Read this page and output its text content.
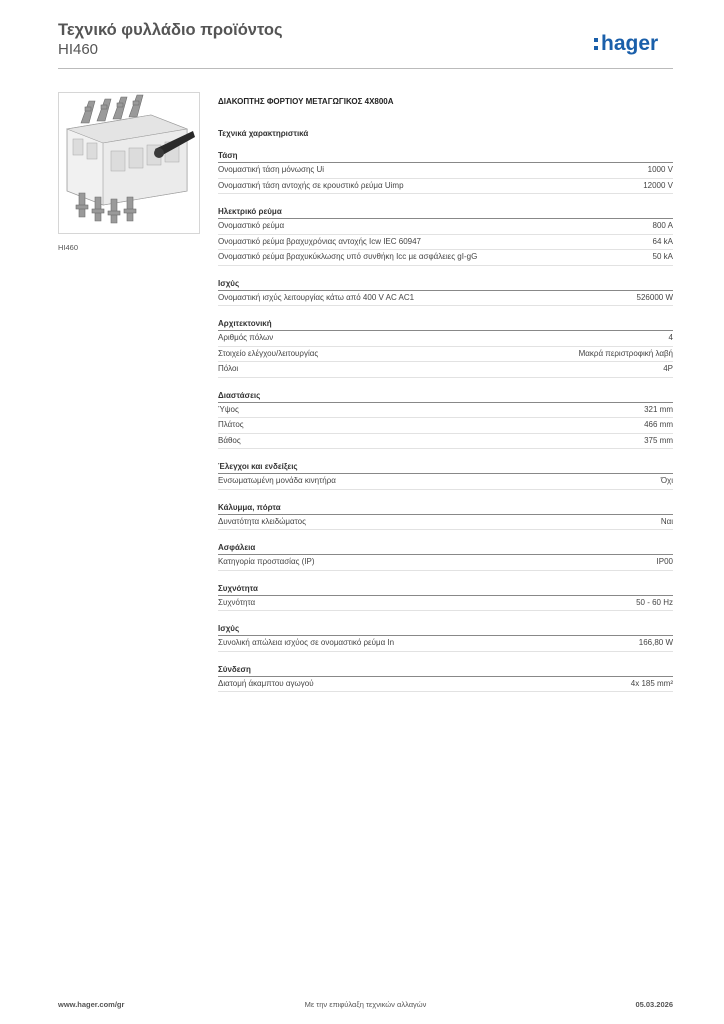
Τεχνικό φυλλάδιο προϊόντος
HI460	hager
HI460
ΔΙΑΚΟΠΤΗΣ ΦΟΡΤΙΟΥ ΜΕΤΑΓΩΓΙΚΟΣ 4X800A
Τεχνικά χαρακτηριστικά
Τάση
Ονομαστική τάση μόνωσης Ui	1000 V
Ονομαστική τάση αντοχής σε κρουστικό ρεύμα Uimp	12000 V
Ηλεκτρικό ρεύμα
Ονομαστικό ρεύμα	800 A
Ονομαστικό ρεύμα βραχυχρόνιας αντοχής Icw IEC 60947	64 kA
Ονομαστικό ρεύμα βραχυκύκλωσης υπό συνθήκη Icc με ασφάλειες gI-gG	50 kA
Ισχύς
Ονομαστική ισχύς λειτουργίας κάτω από 400 V AC AC1	526000 W
Αρχιτεκτονική
Αριθμός πόλων	4
Στοιχείο ελέγχου/λειτουργίας	Μακρά περιστροφική λαβή
Πόλοι	4P
Διαστάσεις
Ύψος	321 mm
Πλάτος	466 mm
Βάθος	375 mm
Έλεγχοι και ενδείξεις
Ενσωματωμένη μονάδα κινητήρα	Όχι
Κάλυμμα, πόρτα
Δυνατότητα κλειδώματος	Ναι
Ασφάλεια
Κατηγορία προστασίας (IP)	IP00
Συχνότητα
Συχνότητα	50 - 60 Hz
Ισχύς
Συνολική απώλεια ισχύος σε ονομαστικό ρεύμα In	166,80 W
Σύνδεση
Διατομή άκαμπτου αγωγού	4x 185 mm²
Με την επιφύλαξη τεχνικών αλλαγών
www.hager.com/gr	05.03.2026
